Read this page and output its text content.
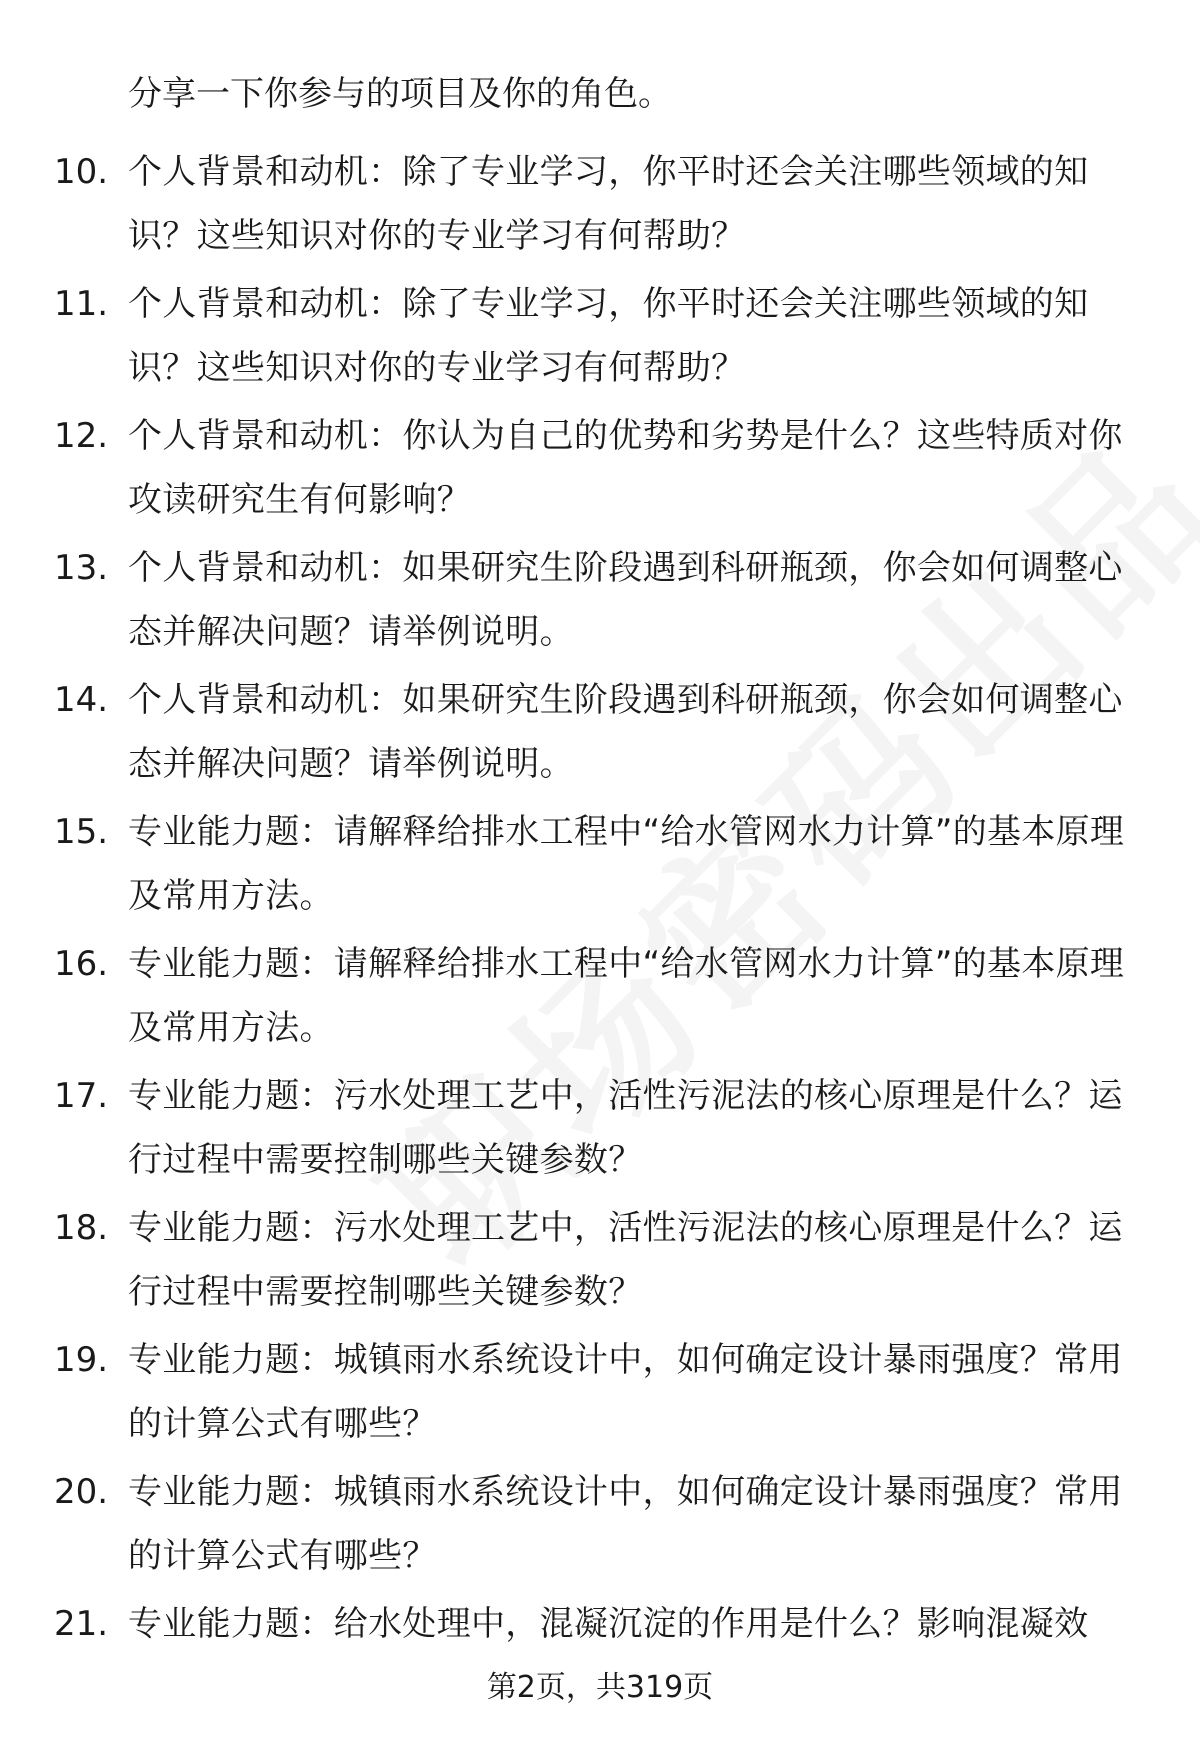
分享一下你参与的项目及你的角色。
10. 个人背景和动机：除了专业学习，你平时还会关注哪些领域的知识？这些知识对你的专业学习有何帮助？
11. 个人背景和动机：除了专业学习，你平时还会关注哪些领域的知识？这些知识对你的专业学习有何帮助？
12. 个人背景和动机：你认为自己的优势和劣势是什么？这些特质对你攻读研究生有何影响？
13. 个人背景和动机：如果研究生阶段遇到科研瓶颈，你会如何调整心态并解决问题？请举例说明。
14. 个人背景和动机：如果研究生阶段遇到科研瓶颈，你会如何调整心态并解决问题？请举例说明。
15. 专业能力题：请解释给排水工程中“给水管网水力计算”的基本原理及常用方法。
16. 专业能力题：请解释给排水工程中“给水管网水力计算”的基本原理及常用方法。
17. 专业能力题：污水处理工艺中，活性污泥法的核心原理是什么？运行过程中需要控制哪些关键参数？
18. 专业能力题：污水处理工艺中，活性污泥法的核心原理是什么？运行过程中需要控制哪些关键参数？
19. 专业能力题：城镇雨水系统设计中，如何确定设计暴雨强度？常用的计算公式有哪些？
20. 专业能力题：城镇雨水系统设计中，如何确定设计暴雨强度？常用的计算公式有哪些？
21. 专业能力题：给水处理中，混凝沉淀的作用是什么？影响混凝效
第2页，共319页
